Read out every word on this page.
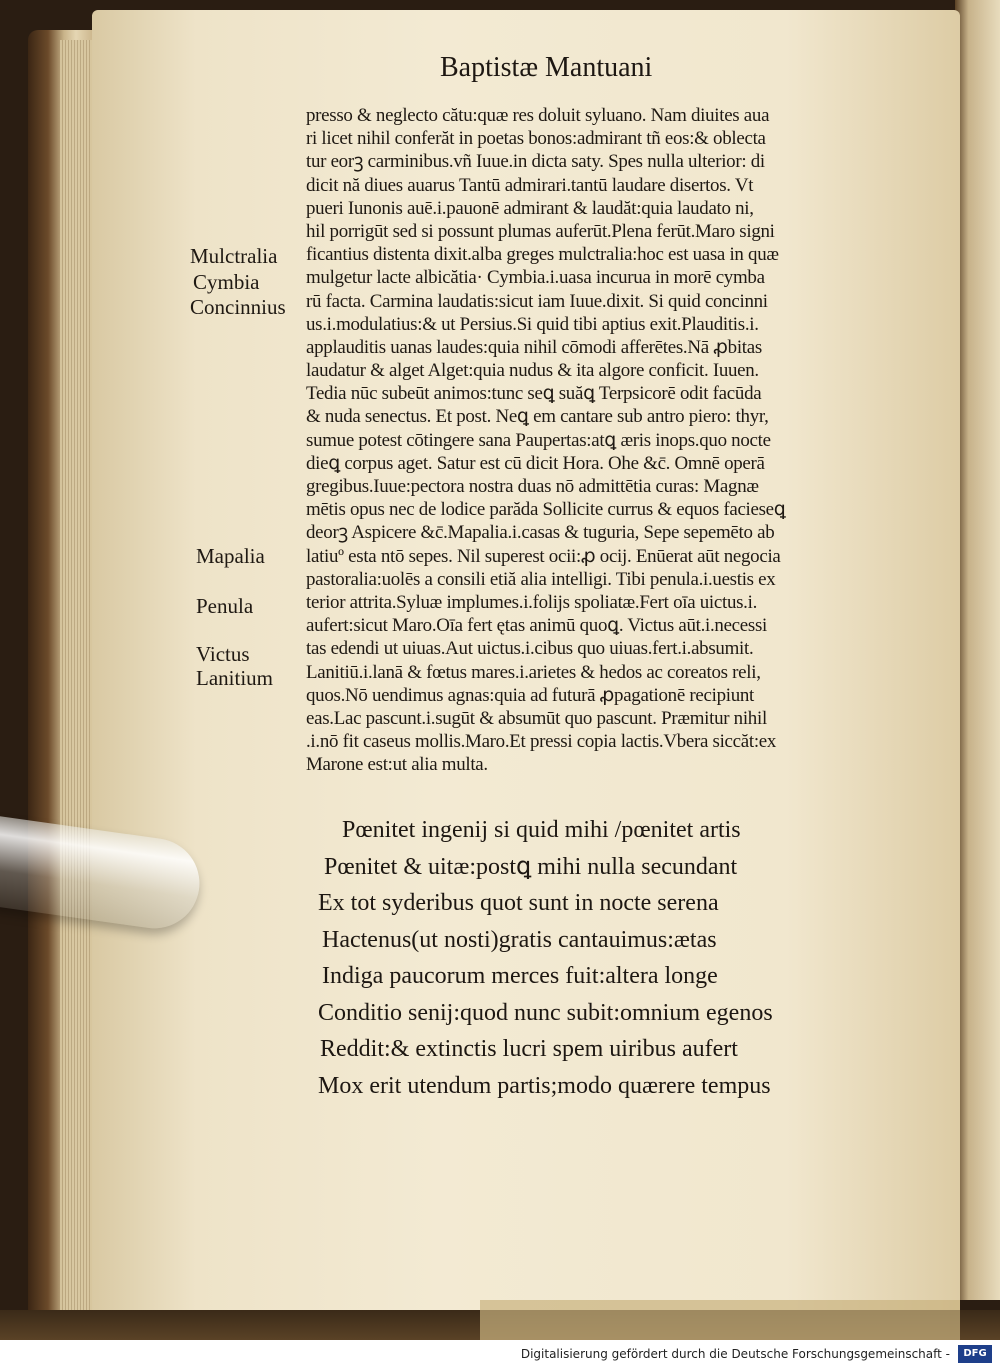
Baptistæ Mantuani
presso & neglecto cătu:quæ res doluit syluano. Nam diuites aua
ri licet nihil conferăt in poetas bonos:admirant tñ eos:& oblecta
tur eorꝫ carminibus.vñ Iuue.in dicta saty. Spes nulla ulterior: di
dicit nă diues auarus Tantū admirari.tantū laudare disertos. Vt
pueri Iunonis auē.i.pauonē admirant & laudăt:quia laudato ni,
hil porrigūt sed si possunt plumas auferūt.Plena ferūt.Maro signi
ficantius distenta dixit.alba greges mulctralia:hoc est uasa in quæ
mulgetur lacte albicătia· Cymbia.i.uasa incurua in morē cymba
rū facta. Carmina laudatis:sicut iam Iuue.dixit. Si quid concinni
us.i.modulatius:& ut Persius.Si quid tibi aptius exit.Plauditis.i.
applauditis uanas laudes:quia nihil cōmodi afferētes.Nā ꝓbitas
laudatur & alget Alget:quia nudus & ita algore conficit. Iuuen.
Tedia nūc subeūt animos:tunc seꝗ suăꝗ Terpsicorē odit facūda
& nuda senectus. Et post. Neꝗ em cantare sub antro piero: thyr,
sumue potest cōtingere sana Paupertas:atꝗ æris inops.quo nocte
dieꝗ corpus aget. Satur est cū dicit Hora. Ohe &c̄. Omnē operā
gregibus.Iuue:pectora nostra duas nō admittētia curas: Magnæ
mētis opus nec de lodice parăda Sollicite currus & equos facieseꝗ
deorꝫ Aspicere &c̄.Mapalia.i.casas & tuguria, Sepe sepemēto ab
latiuº esta ntō sepes. Nil superest ocii:ꝓ ocij. Enūerat aūt negocia
pastoralia:uolēs a consili etiă alia intelligi. Tibi penula.i.uestis ex
terior attrita.Syluæ implumes.i.folijs spoliatæ.Fert oīa uictus.i.
aufert:sicut Maro.Oīa fert ętas animū quoꝗ. Victus aūt.i.necessi
tas edendi ut uiuas.Aut uictus.i.cibus quo uiuas.fert.i.absumit.
Lanitiū.i.lanā & fœtus mares.i.arietes & hedos ac coreatos reli,
quos.Nō uendimus agnas:quia ad futurā ꝓpagationē recipiunt
eas.Lac pascunt.i.sugūt & absumūt quo pascunt. Præmitur nihil
.i.nō fit caseus mollis.Maro.Et pressi copia lactis.Vbera siccăt:ex
Marone est:ut alia multa.
Mulctralia
Cymbia
Concinnius
Mapalia
Penula
Victus
Lanitium
Pœnitet ingenij si quid mihi /pœnitet artis
Pœnitet & uitæ:postꝗ mihi nulla secundant
Ex tot syderibus quot sunt in nocte serena
Hactenus(ut nosti)gratis cantauimus:ætas
Indiga paucorum merces fuit:altera longe
Conditio senij:quod nunc subit:omnium egenos
Reddit:& extinctis lucri spem uiribus aufert
Mox erit utendum partis;modo quærere tempus
Digitalisierung gefördert durch die Deutsche Forschungsgemeinschaft -	DFG
